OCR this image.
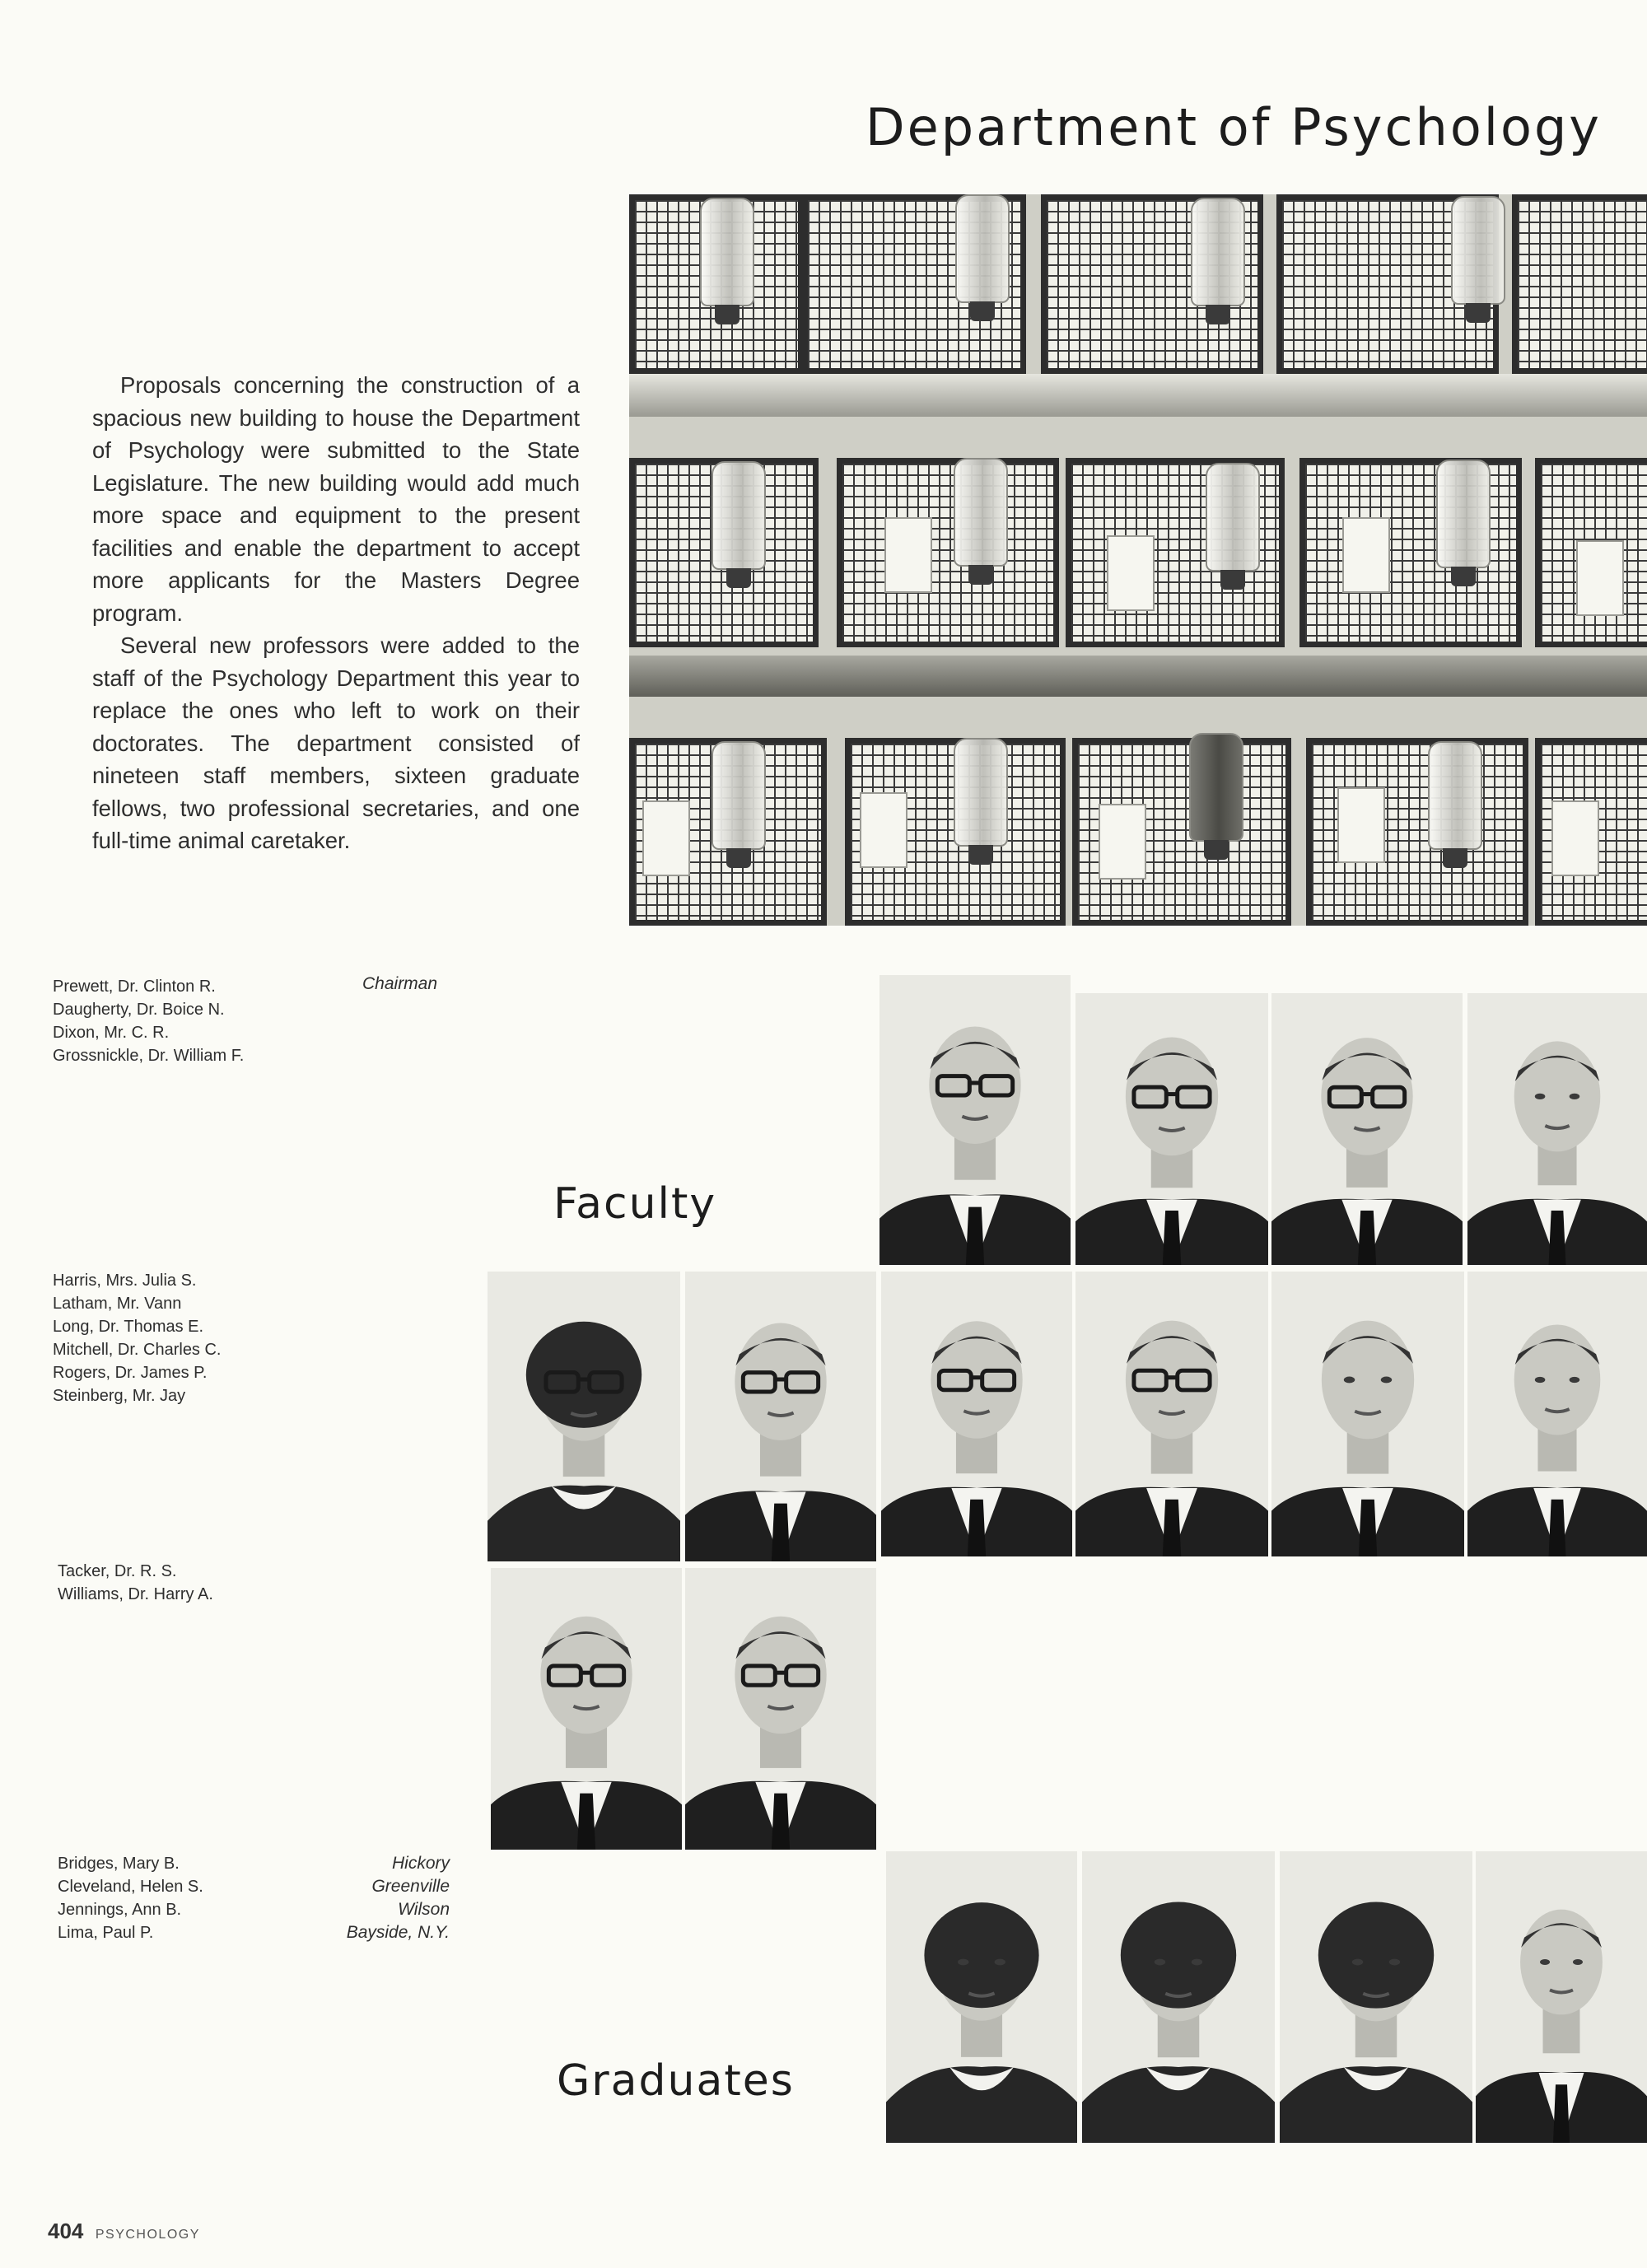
Department of Psychology

Proposals concerning the construction of a spacious new building to house the Department of Psychology were submitted to the State Legislature. The new building would add much more space and equipment to the present facilities and enable the department to accept more applicants for the Masters Degree program.

Several new professors were added to the staff of the Psychology Department this year to replace the ones who left to work on their doctorates. The department consisted of nineteen staff members, sixteen graduate fellows, two professional secretaries, and one full-time animal caretaker.

Prewett, Dr. Clinton R.
Daugherty, Dr. Boice N.
Dixon, Mr. C. R.
Grossnickle, Dr. William F.
Chairman
Faculty
Harris, Mrs. Julia S.
Latham, Mr. Vann
Long, Dr. Thomas E.
Mitchell, Dr. Charles C.
Rogers, Dr. James P.
Steinberg, Mr. Jay
Tacker, Dr. R. S.
Williams, Dr. Harry A.
Bridges, Mary B.
Cleveland, Helen S.
Jennings, Ann B.
Lima, Paul P.
Hickory
Greenville
Wilson
Bayside, N.Y.
Graduates
404 PSYCHOLOGY
